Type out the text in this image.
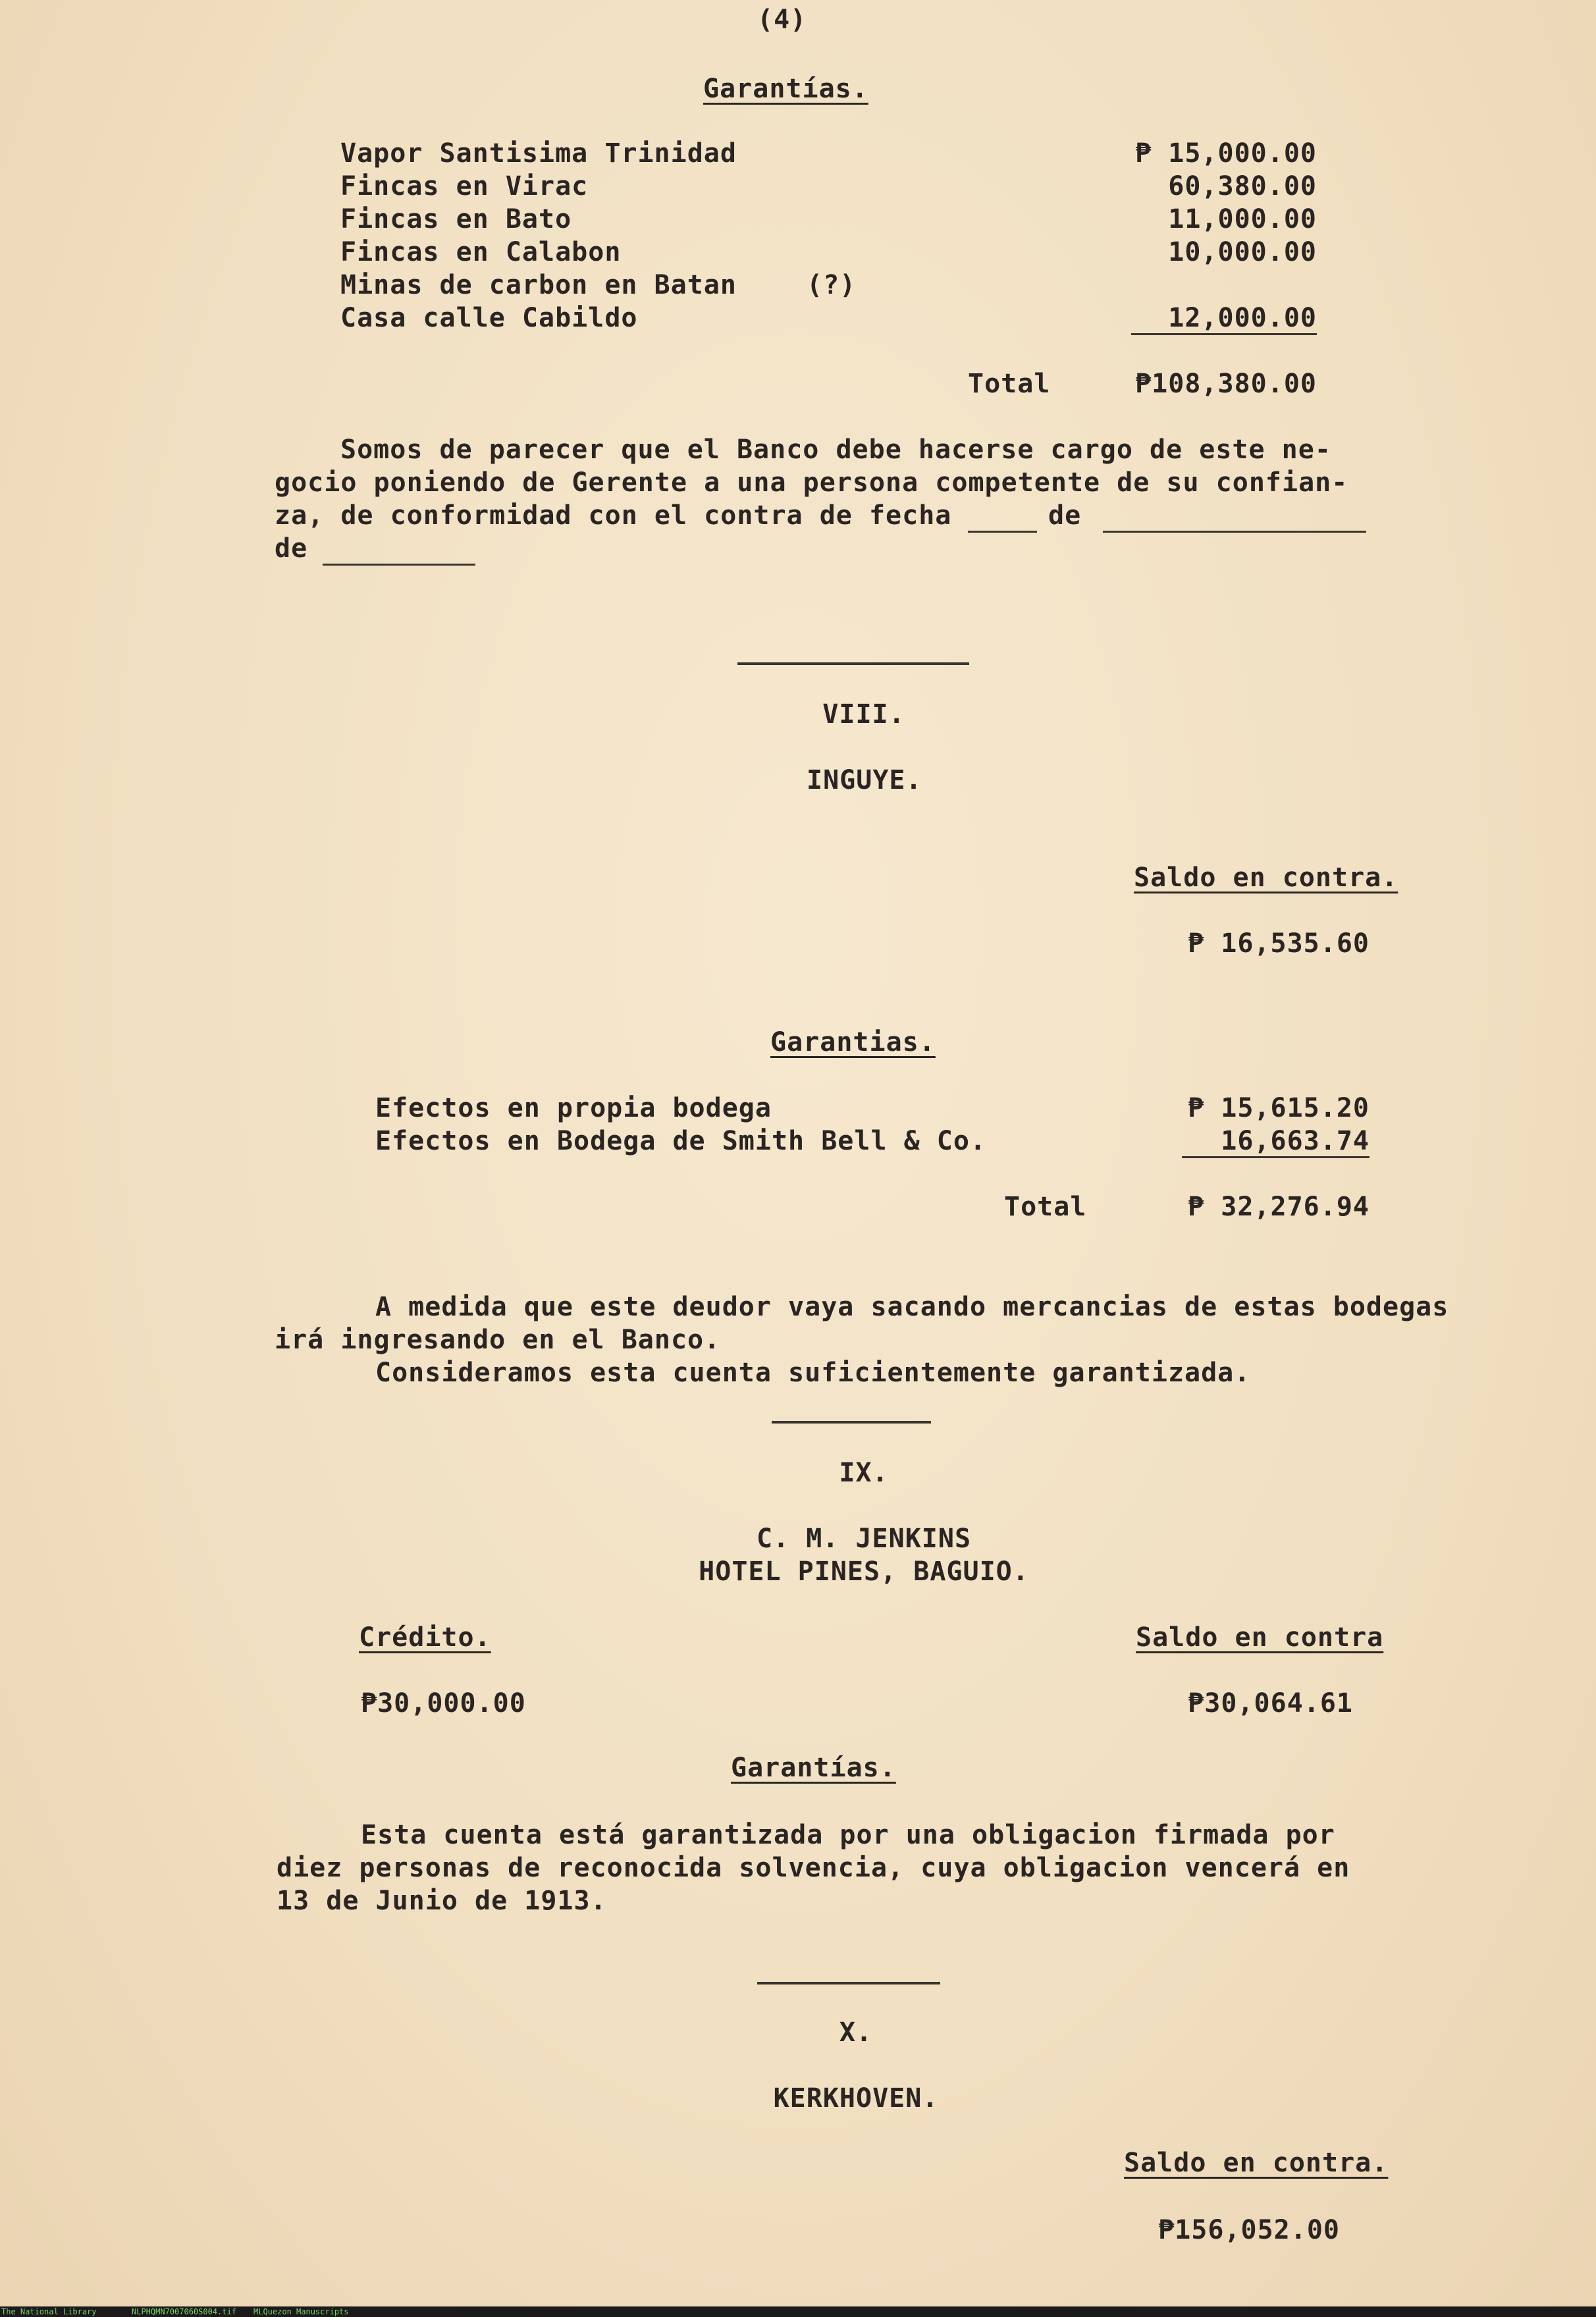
(4)
Garantías.
Vapor Santisima Trinidad	₱ 15,000.00
Fincas en Virac	60,380.00
Fincas en Bato	11,000.00
Fincas en Calabon	10,000.00
Minas de carbon en Batan	(?)
Casa calle Cabildo	12,000.00
Total	₱108,380.00
Somos de parecer que el Banco debe hacerse cargo de este ne-
gocio poniendo de Gerente a una persona competente de su confian-
za, de conformidad con el contra de fecha	de
de
VIII.
INGUYE.
Saldo en contra.
₱ 16,535.60
Garantias.
Efectos en propia bodega	₱ 15,615.20
Efectos en Bodega de Smith Bell & Co.	16,663.74
Total	₱ 32,276.94
A medida que este deudor vaya sacando mercancias de estas bodegas
irá ingresando en el Banco.
Consideramos esta cuenta suficientemente garantizada.
IX.
C. M. JENKINS
HOTEL PINES, BAGUIO.
Crédito.	Saldo en contra
₱30,000.00	₱30,064.61
Garantías.
Esta cuenta está garantizada por una obligacion firmada por
diez personas de reconocida solvencia, cuya obligacion vencerá en
13 de Junio de 1913.
X.
KERKHOVEN.
Saldo en contra.
₱156,052.00
The National Library	NLPHQMN7007060S004.tif MLQuezon Manuscripts
